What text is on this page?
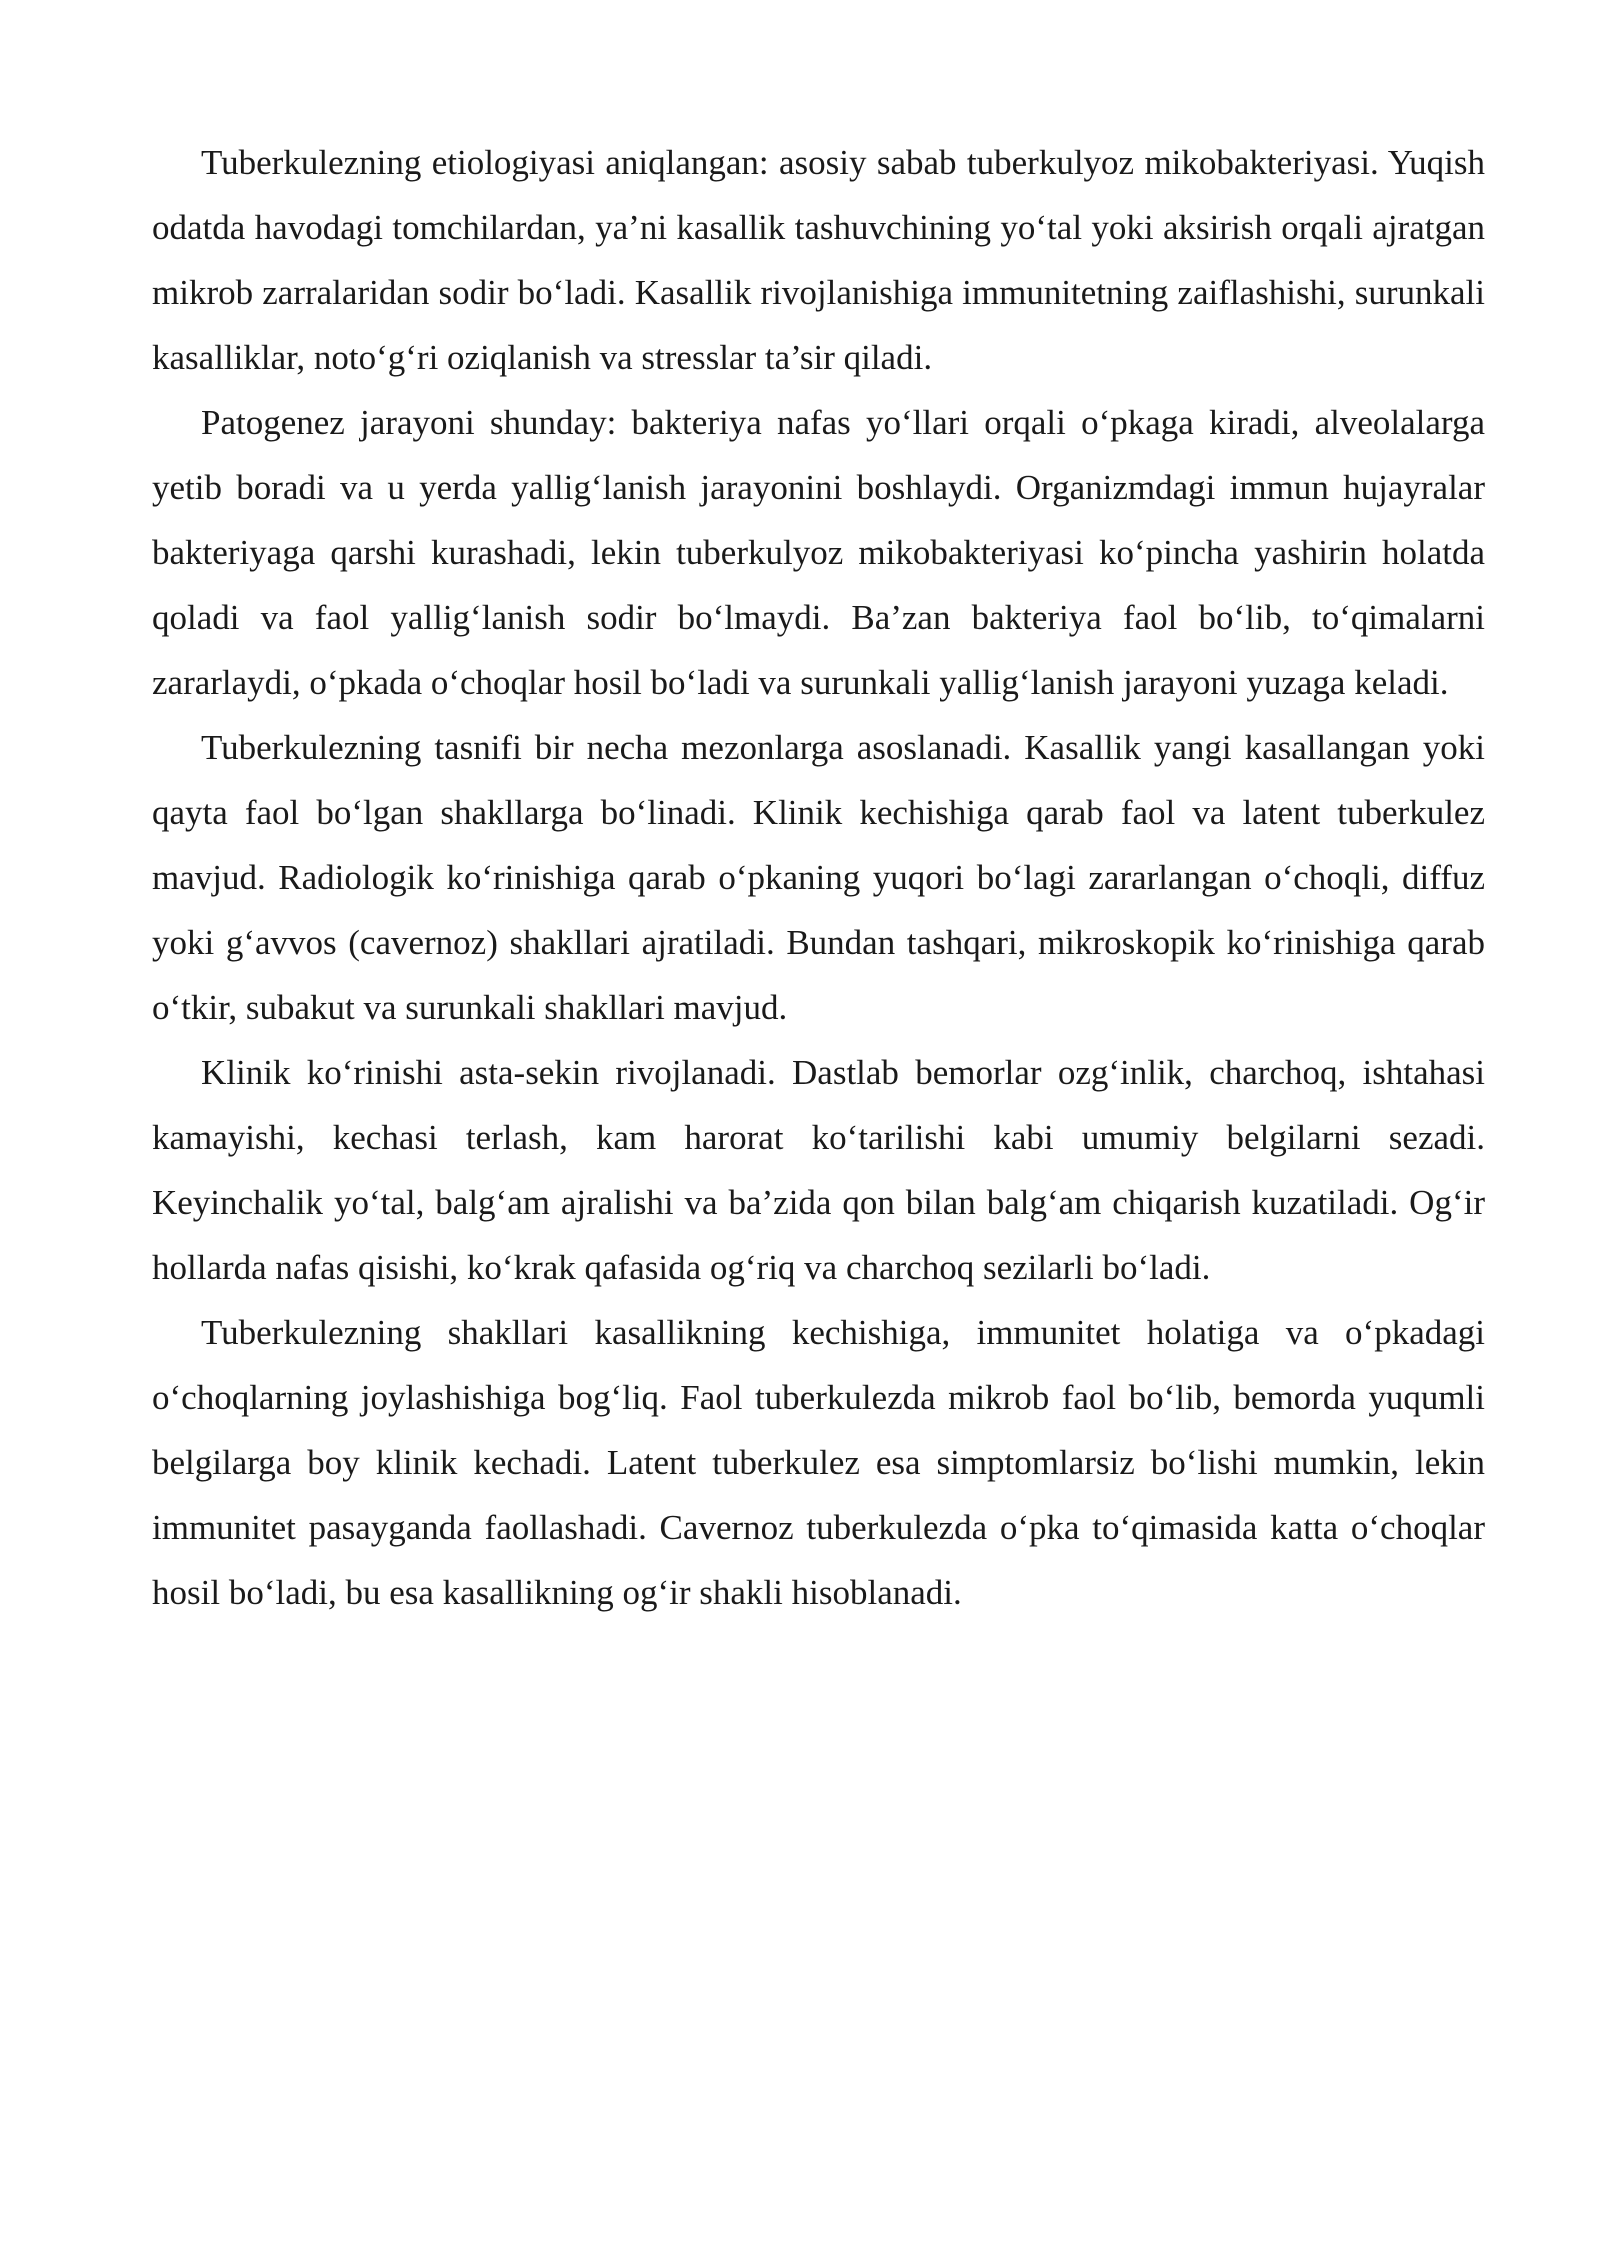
Tuberkulezning etiologiyasi aniqlangan: asosiy sabab tuberkulyoz mikobakteriyasi. Yuqish odatda havodagi tomchilardan, ya’ni kasallik tashuvchining yo‘tal yoki aksirish orqali ajratgan mikrob zarralaridan sodir bo‘ladi. Kasallik rivojlanishiga immunitetning zaiflashishi, surunkali kasalliklar, noto‘g‘ri oziqlanish va stresslar ta’sir qiladi.

Patogenez jarayoni shunday: bakteriya nafas yo‘llari orqali o‘pkaga kiradi, alveolalarga yetib boradi va u yerda yallig‘lanish jarayonini boshlaydi. Organizmdagi immun hujayralar bakteriyaga qarshi kurashadi, lekin tuberkulyoz mikobakteriyasi ko‘pincha yashirin holatda qoladi va faol yallig‘lanish sodir bo‘lmaydi. Ba’zan bakteriya faol bo‘lib, to‘qimalarni zararlaydi, o‘pkada o‘choqlar hosil bo‘ladi va surunkali yallig‘lanish jarayoni yuzaga keladi.

Tuberkulezning tasnifi bir necha mezonlarga asoslanadi. Kasallik yangi kasallangan yoki qayta faol bo‘lgan shakllarga bo‘linadi. Klinik kechishiga qarab faol va latent tuberkulez mavjud. Radiologik ko‘rinishiga qarab o‘pkaning yuqori bo‘lagi zararlangan o‘choqli, diffuz yoki g‘avvos (cavernoz) shakllari ajratiladi. Bundan tashqari, mikroskopik ko‘rinishiga qarab o‘tkir, subakut va surunkali shakllari mavjud.

Klinik ko‘rinishi asta-sekin rivojlanadi. Dastlab bemorlar ozg‘inlik, charchoq, ishtahasi kamayishi, kechasi terlash, kam harorat ko‘tarilishi kabi umumiy belgilarni sezadi. Keyinchalik yo‘tal, balg‘am ajralishi va ba’zida qon bilan balg‘am chiqarish kuzatiladi. Og‘ir hollarda nafas qisishi, ko‘krak qafasida og‘riq va charchoq sezilarli bo‘ladi.

Tuberkulezning shakllari kasallikning kechishiga, immunitet holatiga va o‘pkadagi o‘choqlarning joylashishiga bog‘liq. Faol tuberkulezda mikrob faol bo‘lib, bemorda yuqumli belgilarga boy klinik kechadi. Latent tuberkulez esa simptomlarsiz bo‘lishi mumkin, lekin immunitet pasayganda faollashadi. Cavernoz tuberkulezda o‘pka to‘qimasida katta o‘choqlar hosil bo‘ladi, bu esa kasallikning og‘ir shakli hisoblanadi.
